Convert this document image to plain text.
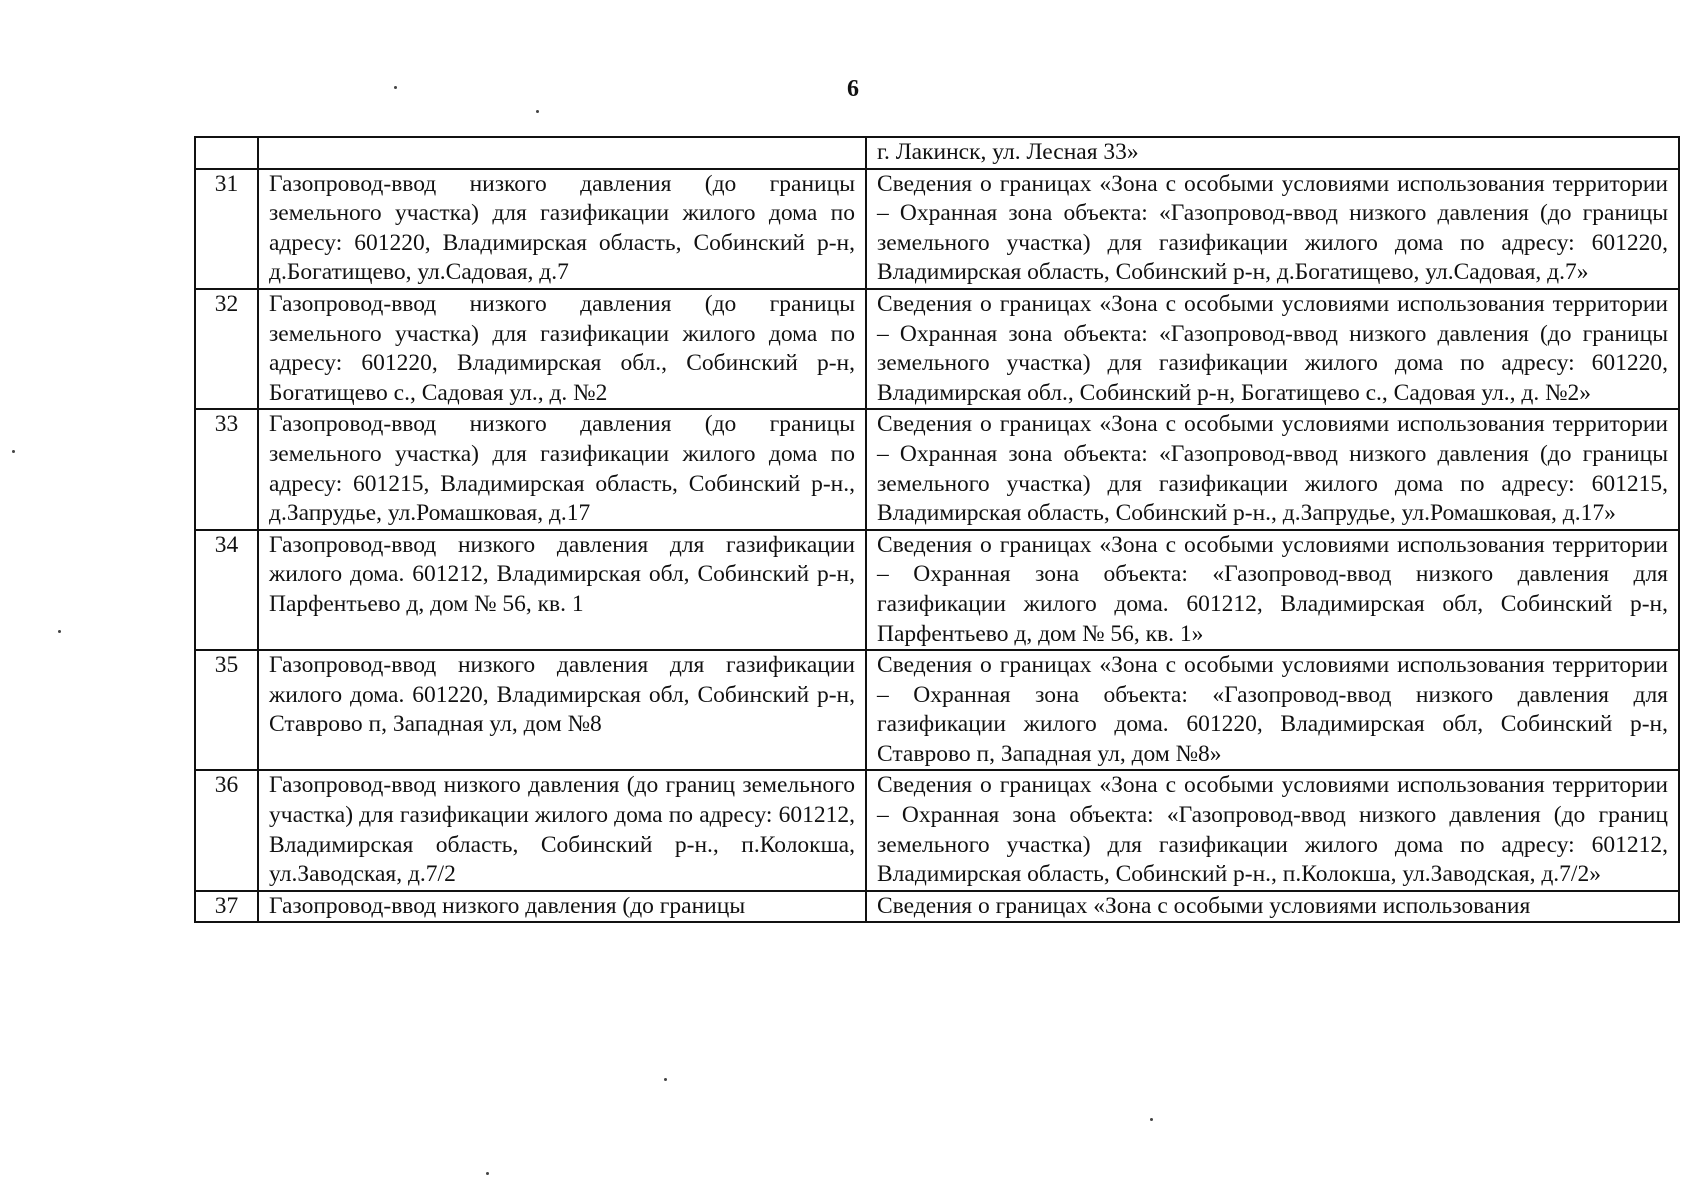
6
		г. Лакинск, ул. Лесная 33»
31	Газопровод-ввод низкого давления (до границы земельного участка) для газификации жилого дома по адресу: 601220, Владимирская область, Собинский р-н, д.Богатищево, ул.Садовая, д.7	Сведения о границах «Зона с особыми условиями использования территории – Охранная зона объекта: «Газопровод-ввод низкого давления (до границы земельного участка) для газификации жилого дома по адресу: 601220, Владимирская область, Собинский р-н, д.Богатищево, ул.Садовая, д.7»
32	Газопровод-ввод низкого давления (до границы земельного участка) для газификации жилого дома по адресу: 601220, Владимирская обл., Собинский р-н, Богатищево с., Садовая ул., д. №2	Сведения о границах «Зона с особыми условиями использования территории – Охранная зона объекта: «Газопровод-ввод низкого давления (до границы земельного участка) для газификации жилого дома по адресу: 601220, Владимирская обл., Собинский р-н, Богатищево с., Садовая ул., д. №2»
33	Газопровод-ввод низкого давления (до границы земельного участка) для газификации жилого дома по адресу: 601215, Владимирская область, Собинский р-н., д.Запрудье, ул.Ромашковая, д.17	Сведения о границах «Зона с особыми условиями использования территории – Охранная зона объекта: «Газопровод-ввод низкого давления (до границы земельного участка) для газификации жилого дома по адресу: 601215, Владимирская область, Собинский р-н., д.Запрудье, ул.Ромашковая, д.17»
34	Газопровод-ввод низкого давления для газификации жилого дома. 601212, Владимирская обл, Собинский р-н, Парфентьево д, дом № 56, кв. 1	Сведения о границах «Зона с особыми условиями использования территории – Охранная зона объекта: «Газопровод-ввод низкого давления для газификации жилого дома. 601212, Владимирская обл, Собинский р-н, Парфентьево д, дом № 56, кв. 1»
35	Газопровод-ввод низкого давления для газификации жилого дома. 601220, Владимирская обл, Собинский р-н, Ставрово п, Западная ул, дом №8	Сведения о границах «Зона с особыми условиями использования территории – Охранная зона объекта: «Газопровод-ввод низкого давления для газификации жилого дома. 601220, Владимирская обл, Собинский р-н, Ставрово п, Западная ул, дом №8»
36	Газопровод-ввод низкого давления (до границ земельного участка) для газификации жилого дома по адресу: 601212, Владимирская область, Собинский р-н., п.Колокша, ул.Заводская, д.7/2	Сведения о границах «Зона с особыми условиями использования территории – Охранная зона объекта: «Газопровод-ввод низкого давления (до границ земельного участка) для газификации жилого дома по адресу: 601212, Владимирская область, Собинский р-н., п.Колокша, ул.Заводская, д.7/2»
37	Газопровод-ввод низкого давления (до границы	Сведения о границах «Зона с особыми условиями использования
